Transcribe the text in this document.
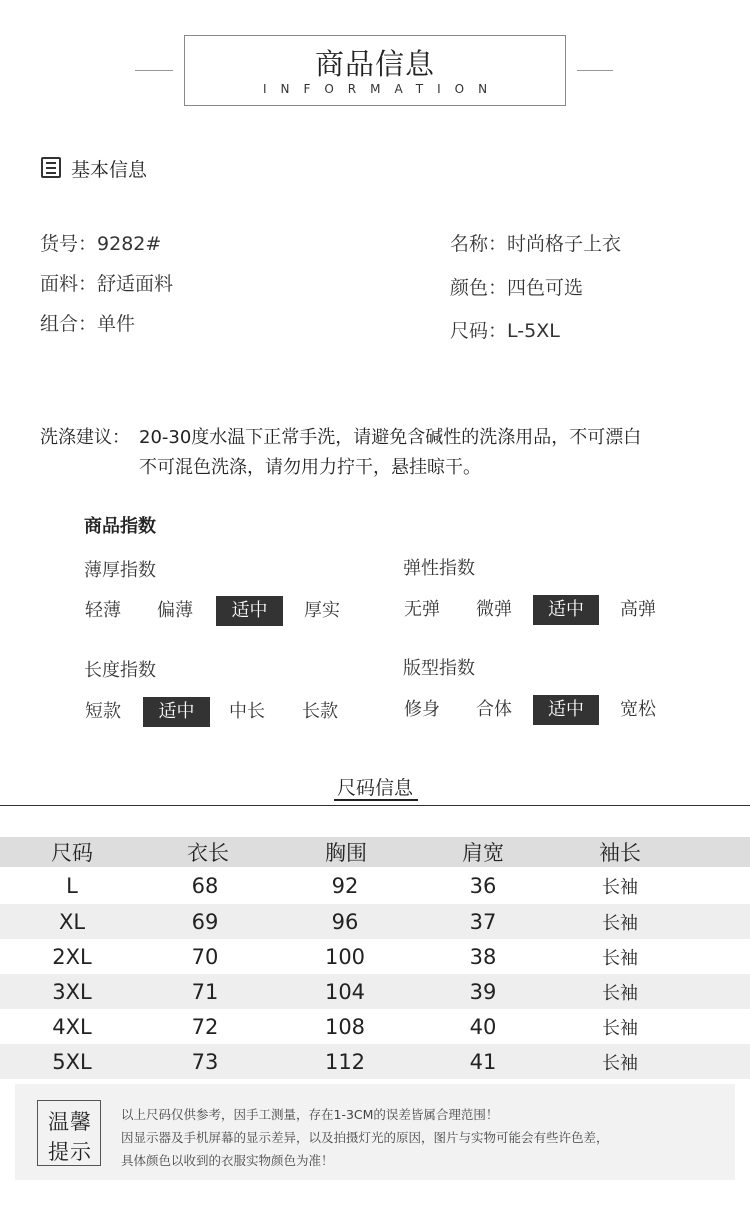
商品信息
INFORMATION
基本信息
货号：9282#
面料：舒适面料
组合：单件
名称：时尚格子上衣
颜色：四色可选
尺码：L-5XL
洗涤建议： 20-30度水温下正常手洗，请避免含碱性的洗涤用品，不可漂白
不可混色洗涤，请勿用力拧干，悬挂晾干。
商品指数
薄厚指数
轻薄	偏薄	适中	厚实
弹性指数
无弹	微弹	适中	高弹
长度指数
短款	适中	中长	长款
版型指数
修身	合体	适中	宽松
尺码信息
尺码	衣长	胸围	肩宽	袖长
L	68	92	36	长袖
XL	69	96	37	长袖
2XL	70	100	38	长袖
3XL	71	104	39	长袖
4XL	72	108	40	长袖
5XL	73	112	41	长袖
温馨
提示
以上尺码仅供参考，因手工测量，存在1-3CM的误差皆属合理范围！
因显示器及手机屏幕的显示差异，以及拍摄灯光的原因，图片与实物可能会有些许色差，
具体颜色以收到的衣服实物颜色为准！
